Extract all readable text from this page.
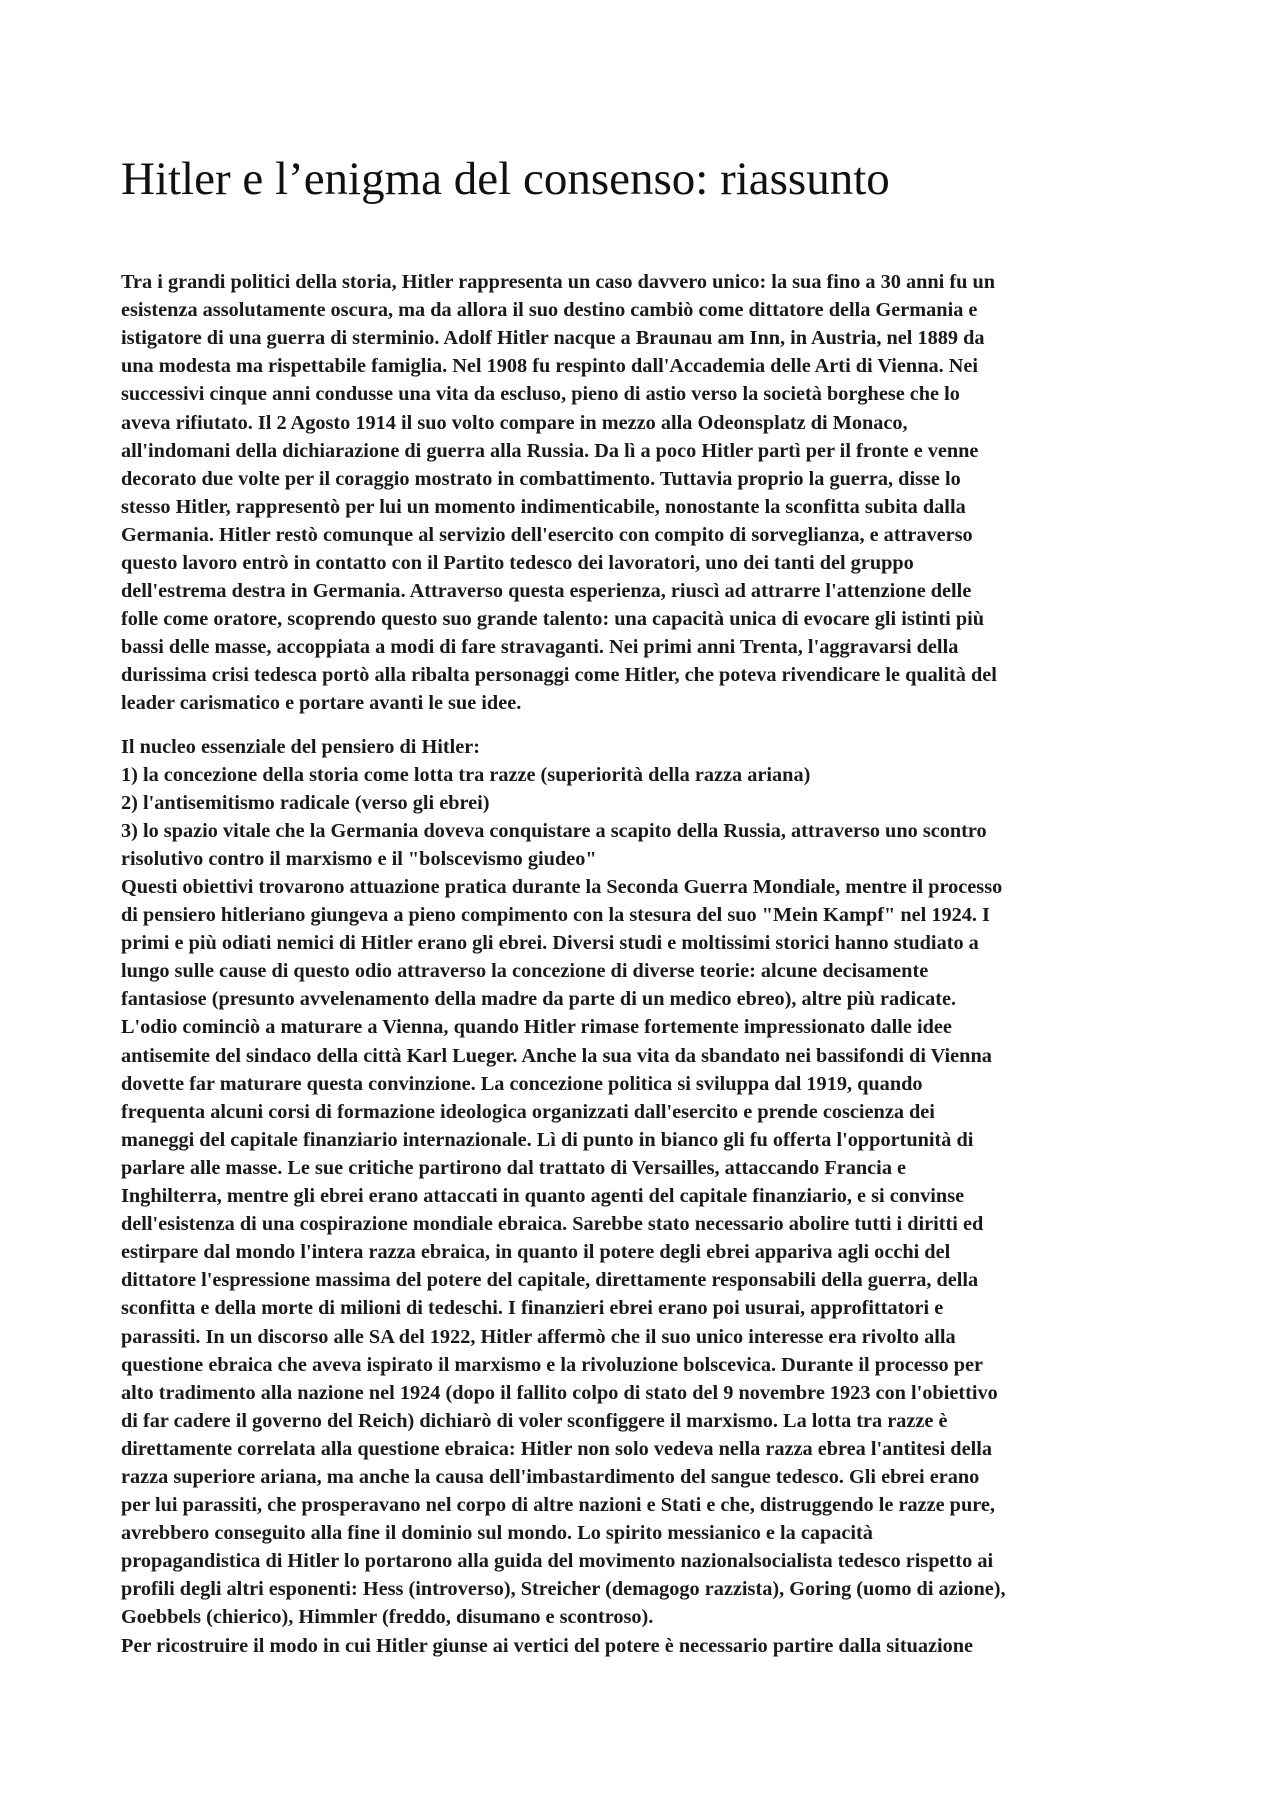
Hitler e l’enigma del consenso: riassunto

Tra i grandi politici della storia, Hitler rappresenta un caso davvero unico: la sua fino a 30 anni fu un
esistenza assolutamente oscura, ma da allora il suo destino cambiò come dittatore della Germania e
istigatore di una guerra di sterminio. Adolf Hitler nacque a Braunau am Inn, in Austria, nel 1889 da
una modesta ma rispettabile famiglia. Nel 1908 fu respinto dall'Accademia delle Arti di Vienna. Nei
successivi cinque anni condusse una vita da escluso, pieno di astio verso la società borghese che lo
aveva rifiutato. Il 2 Agosto 1914 il suo volto compare in mezzo alla Odeonsplatz di Monaco,
all'indomani della dichiarazione di guerra alla Russia. Da lì a poco Hitler partì per il fronte e venne
decorato due volte per il coraggio mostrato in combattimento. Tuttavia proprio la guerra, disse lo
stesso Hitler, rappresentò per lui un momento indimenticabile, nonostante la sconfitta subita dalla
Germania. Hitler restò comunque al servizio dell'esercito con compito di sorveglianza, e attraverso
questo lavoro entrò in contatto con il Partito tedesco dei lavoratori, uno dei tanti del gruppo
dell'estrema destra in Germania. Attraverso questa esperienza, riuscì ad attrarre l'attenzione delle
folle come oratore, scoprendo questo suo grande talento: una capacità unica di evocare gli istinti più
bassi delle masse, accoppiata a modi di fare stravaganti. Nei primi anni Trenta, l'aggravarsi della
durissima crisi tedesca portò alla ribalta personaggi come Hitler, che poteva rivendicare le qualità del
leader carismatico e portare avanti le sue idee.

Il nucleo essenziale del pensiero di Hitler:

1) la concezione della storia come lotta tra razze (superiorità della razza ariana)

2) l'antisemitismo radicale (verso gli ebrei)

3) lo spazio vitale che la Germania doveva conquistare a scapito della Russia, attraverso uno scontro
risolutivo contro il marxismo e il "bolscevismo giudeo"

Questi obiettivi trovarono attuazione pratica durante la Seconda Guerra Mondiale, mentre il processo
di pensiero hitleriano giungeva a pieno compimento con la stesura del suo "Mein Kampf" nel 1924. I
primi e più odiati nemici di Hitler erano gli ebrei. Diversi studi e moltissimi storici hanno studiato a
lungo sulle cause di questo odio attraverso la concezione di diverse teorie: alcune decisamente
fantasiose (presunto avvelenamento della madre da parte di un medico ebreo), altre più radicate.

L'odio cominciò a maturare a Vienna, quando Hitler rimase fortemente impressionato dalle idee
antisemite del sindaco della città Karl Lueger. Anche la sua vita da sbandato nei bassifondi di Vienna
dovette far maturare questa convinzione. La concezione politica si sviluppa dal 1919, quando
frequenta alcuni corsi di formazione ideologica organizzati dall'esercito e prende coscienza dei
maneggi del capitale finanziario internazionale. Lì di punto in bianco gli fu offerta l'opportunità di
parlare alle masse. Le sue critiche partirono dal trattato di Versailles, attaccando Francia e
Inghilterra, mentre gli ebrei erano attaccati in quanto agenti del capitale finanziario, e si convinse
dell'esistenza di una cospirazione mondiale ebraica. Sarebbe stato necessario abolire tutti i diritti ed
estirpare dal mondo l'intera razza ebraica, in quanto il potere degli ebrei appariva agli occhi del
dittatore l'espressione massima del potere del capitale, direttamente responsabili della guerra, della
sconfitta e della morte di milioni di tedeschi. I finanzieri ebrei erano poi usurai, approfittatori e
parassiti. In un discorso alle SA del 1922, Hitler affermò che il suo unico interesse era rivolto alla
questione ebraica che aveva ispirato il marxismo e la rivoluzione bolscevica. Durante il processo per
alto tradimento alla nazione nel 1924 (dopo il fallito colpo di stato del 9 novembre 1923 con l'obiettivo
di far cadere il governo del Reich) dichiarò di voler sconfiggere il marxismo. La lotta tra razze è
direttamente correlata alla questione ebraica: Hitler non solo vedeva nella razza ebrea l'antitesi della
razza superiore ariana, ma anche la causa dell'imbastardimento del sangue tedesco. Gli ebrei erano
per lui parassiti, che prosperavano nel corpo di altre nazioni e Stati e che, distruggendo le razze pure,
avrebbero conseguito alla fine il dominio sul mondo. Lo spirito messianico e la capacità
propagandistica di Hitler lo portarono alla guida del movimento nazionalsocialista tedesco rispetto ai
profili degli altri esponenti: Hess (introverso), Streicher (demagogo razzista), Goring (uomo di azione),
Goebbels (chierico), Himmler (freddo, disumano e scontroso).

Per ricostruire il modo in cui Hitler giunse ai vertici del potere è necessario partire dalla situazione
